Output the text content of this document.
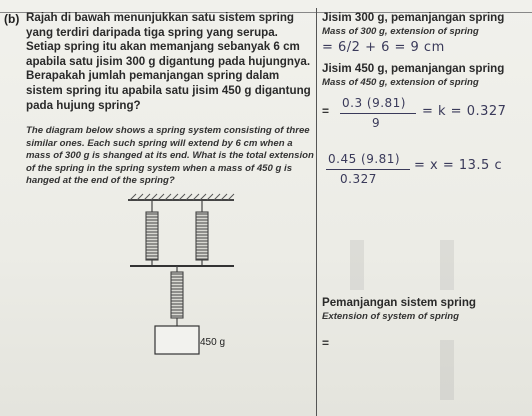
(b) Rajah di bawah menunjukkan satu sistem spring yang terdiri daripada tiga spring yang serupa. Setiap spring itu akan memanjang sebanyak 6 cm apabila satu jisim 300 g digantung pada hujungnya. Berapakah jumlah pemanjangan spring dalam sistem spring itu apabila satu jisim 450 g digantung pada hujung spring?
The diagram below shows a spring system consisting of three similar ones. Each such spring will extend by 6 cm when a mass of 300 g is shanged at its end. What is the total extension of the spring in the spring system when a mass of 450 g is hanged at the end of the spring?
Jisim 300 g, pemanjangan spring
Mass of 300 g, extension of spring
= 6/2 + 6 = 9 cm
Jisim 450 g, pemanjangan spring
Mass of 450 g, extension of spring
=
0.3 (9.81)
9
= k = 0.327
0.45 (9.81)
0.327
= x = 13.5 c
Pemanjangan sistem spring
Extension of system of spring
=
450 g
